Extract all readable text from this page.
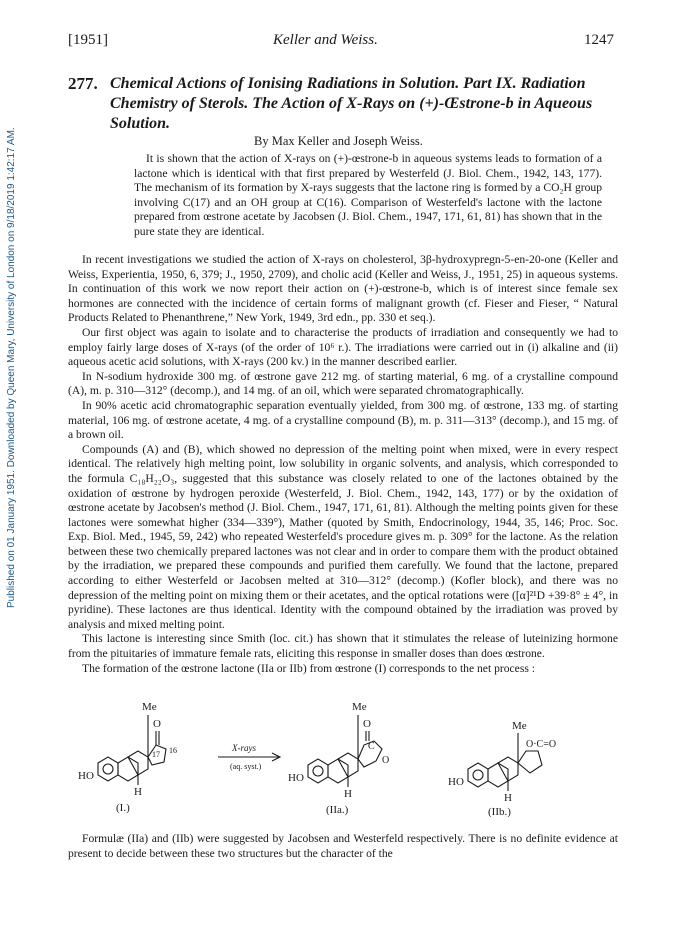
Published on 01 January 1951. Downloaded by Queen Mary, University of London on 9/18/2019 1:42:17 AM.
[1951]	Keller and Weiss.	1247
277. Chemical Actions of Ionising Radiations in Solution. Part IX. Radiation Chemistry of Sterols. The Action of X-Rays on (+)-Œstrone-b in Aqueous Solution.
By Max Keller and Joseph Weiss.

It is shown that the action of X-rays on (+)-œstrone-b in aqueous systems leads to formation of a lactone which is identical with that first prepared by Westerfeld (J. Biol. Chem., 1942, 143, 177). The mechanism of its formation by X-rays suggests that the lactone ring is formed by a CO₂H group involving C(17) and an OH group at C(16). Comparison of Westerfeld's lactone with the lactone prepared from œstrone acetate by Jacobsen (J. Biol. Chem., 1947, 171, 61, 81) has shown that in the pure state they are identical.

In recent investigations we studied the action of X-rays on cholesterol, 3β-hydroxypregn-5-en-20-one (Keller and Weiss, Experientia, 1950, 6, 379; J., 1950, 2709), and cholic acid (Keller and Weiss, J., 1951, 25) in aqueous systems. In continuation of this work we now report their action on (+)-œstrone-b, which is of interest since female sex hormones are connected with the incidence of certain forms of malignant growth (cf. Fieser and Fieser, “ Natural Products Related to Phenanthrene,” New York, 1949, 3rd edn., pp. 330 et seq.).

Our first object was again to isolate and to characterise the products of irradiation and consequently we had to employ fairly large doses of X-rays (of the order of 10⁶ r.). The irradiations were carried out in (i) alkaline and (ii) aqueous acetic acid solutions, with X-rays (200 kv.) in the manner described earlier.

In N-sodium hydroxide 300 mg. of œstrone gave 212 mg. of starting material, 6 mg. of a crystalline compound (A), m. p. 310—312° (decomp.), and 14 mg. of an oil, which were separated chromatographically.

In 90% acetic acid chromatographic separation eventually yielded, from 300 mg. of œstrone, 133 mg. of starting material, 106 mg. of œstrone acetate, 4 mg. of a crystalline compound (B), m. p. 311—313° (decomp.), and 15 mg. of a brown oil.

Compounds (A) and (B), which showed no depression of the melting point when mixed, were in every respect identical. The relatively high melting point, low solubility in organic solvents, and analysis, which corresponded to the formula C₁₈H₂₂O₃, suggested that this substance was closely related to one of the lactones obtained by the oxidation of œstrone by hydrogen peroxide (Westerfeld, J. Biol. Chem., 1942, 143, 177) or by the oxidation of œstrone acetate by Jacobsen's method (J. Biol. Chem., 1947, 171, 61, 81). Although the melting points given for these lactones were somewhat higher (334—339°), Mather (quoted by Smith, Endocrinology, 1944, 35, 146; Proc. Soc. Exp. Biol. Med., 1945, 59, 242) who repeated Westerfeld's procedure gives m. p. 309° for the lactone. As the relation between these two chemically prepared lactones was not clear and in order to compare them with the product obtained by the irradiation, we prepared these compounds and purified them carefully. We found that the lactone, prepared according to either Westerfeld or Jacobsen melted at 310—312° (decomp.) (Kofler block), and there was no depression of the melting point on mixing them or their acetates, and the optical rotations were ([α]²¹D +39·8° ± 4°, in pyridine). These lactones are thus identical. Identity with the compound obtained by the irradiation was proved by analysis and mixed melting point.

This lactone is interesting since Smith (loc. cit.) has shown that it stimulates the release of luteinizing hormone from the pituitaries of immature female rats, eliciting this response in smaller doses than does œstrone.

The formation of the œstrone lactone (IIa or IIb) from œstrone (I) corresponds to the net process :

Me
O
17 16
H
HO
(I.)
X-rays
(aq. syst.)
Me
O
C
O
H
HO
(IIa.)
Me
O·C=O
H
HO
(IIb.)

Formulæ (IIa) and (IIb) were suggested by Jacobsen and Westerfeld respectively. There is no definite evidence at present to decide between these two structures but the character of the
